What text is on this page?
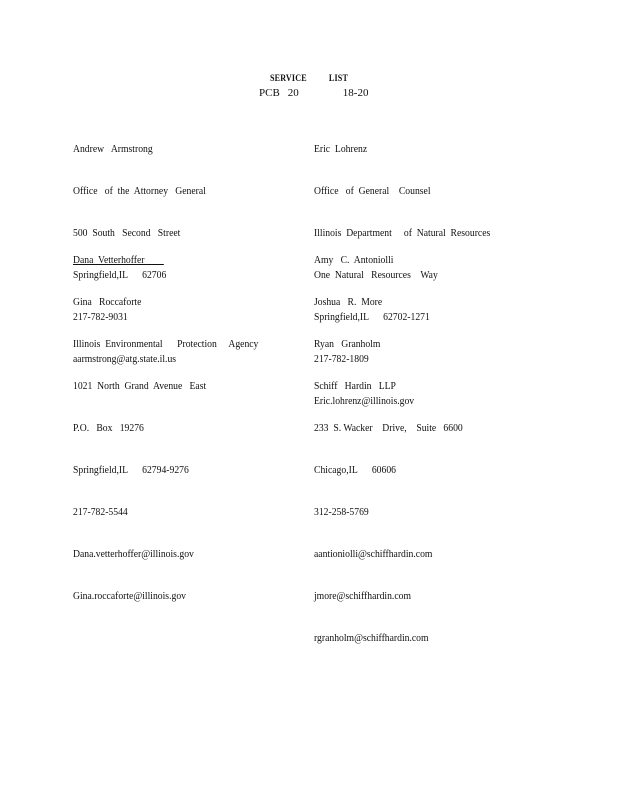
SERVICE LIST
PCB 20	18-20

Andrew   Armstrong

Office   of  the  Attorney   General

500  South   Second   Street

Springfield,IL      62706

217-782-9031

aarmstrong@atg.state.il.us

Eric  Lohrenz

Office   of  General    Counsel

Illinois  Department     of  Natural  Resources

One  Natural   Resources    Way

Springfield,IL      62702-1271

217-782-1809

Eric.lohrenz@illinois.gov

Dana  Vetterhoffer

Gina   Roccaforte

Illinois  Environmental      Protection     Agency

1021  North  Grand  Avenue   East

P.O.   Box   19276

Springfield,IL      62794-9276

217-782-5544

Dana.vetterhoffer@illinois.gov

Gina.roccaforte@illinois.gov

Amy   C.  Antoniolli

Joshua   R.  More

Ryan   Granholm

Schiff   Hardin   LLP

233  S. Wacker    Drive,    Suite   6600

Chicago,IL      60606

312-258-5769

aantioniolli@schiffhardin.com

jmore@schiffhardin.com

rgranholm@schiffhardin.com
